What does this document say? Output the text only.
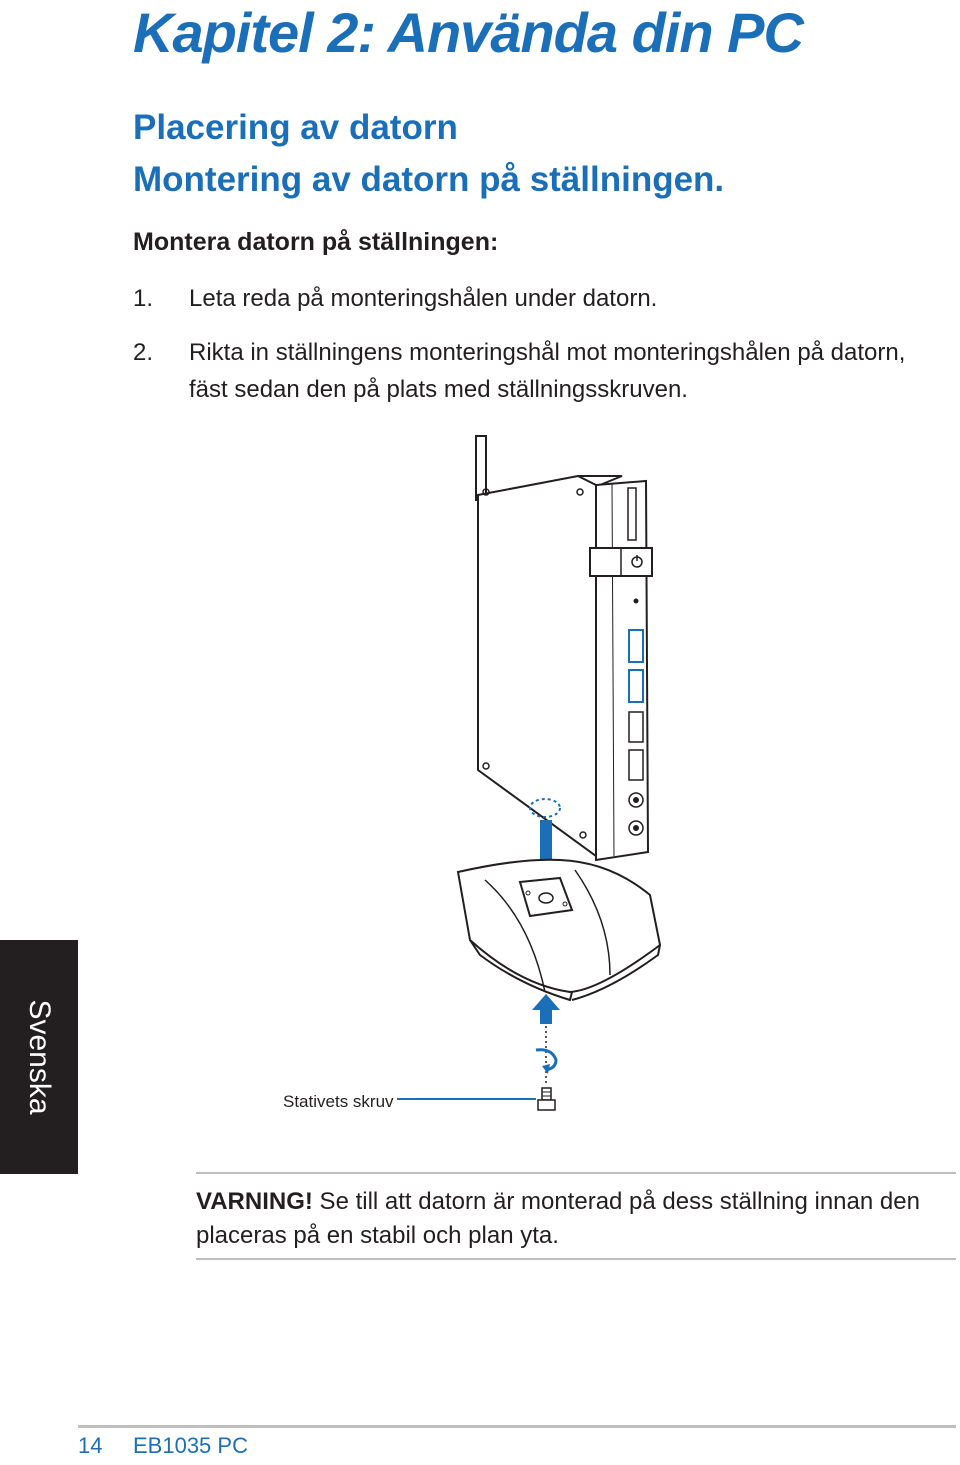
Kapitel 2: Använda din PC
Placering av datorn
Montering av datorn på ställningen.
Montera datorn på ställningen:
1.	Leta reda på monteringshålen under datorn.
2.	Rikta in ställningens monteringshål mot monteringshålen på datorn, fäst sedan den på plats med ställningsskruven.
Stativets skruv
Svenska
VARNING! Se till att datorn är monterad på dess ställning innan den placeras på en stabil och plan yta.
14 EB1035 PC
